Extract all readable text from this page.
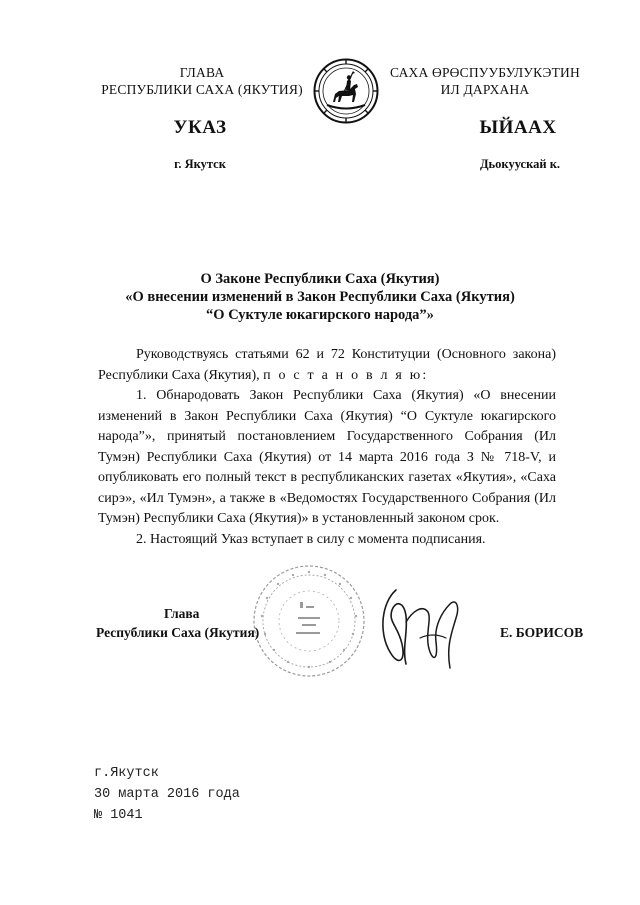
ГЛАВА
РЕСПУБЛИКИ САХА (ЯКУТИЯ)
САХА ӨРӨСПУУБУЛУКЭТИН
ИЛ ДАРХАНА
УКАЗ	ЫЙААХ
г. Якутск	Дьокуускай к.
О Законе Республики Саха (Якутия)
«О внесении изменений в Закон Республики Саха (Якутия)
“О Суктуле юкагирского народа”»

Руководствуясь статьями 62 и 72 Конституции (Основного закона) Республики Саха (Якутия), п о с т а н о в л я ю:

1. Обнародовать Закон Республики Саха (Якутия) «О внесении изменений в Закон Республики Саха (Якутия) “О Суктуле юкагирского народа”», принятый постановлением Государственного Собрания (Ил Тумэн) Республики Саха (Якутия) от 14 марта 2016 года З № 718-V, и опубликовать его полный текст в республиканских газетах «Якутия», «Саха сирэ», «Ил Тумэн», а также в «Ведомостях Государственного Собрания (Ил Тумэн) Республики Саха (Якутия)» в установленный законом срок.

2. Настоящий Указ вступает в силу с момента подписания.

Глава
Республики Саха (Якутия)	Е. БОРИСОВ
г.Якутск
30 марта 2016 года
№ 1041
